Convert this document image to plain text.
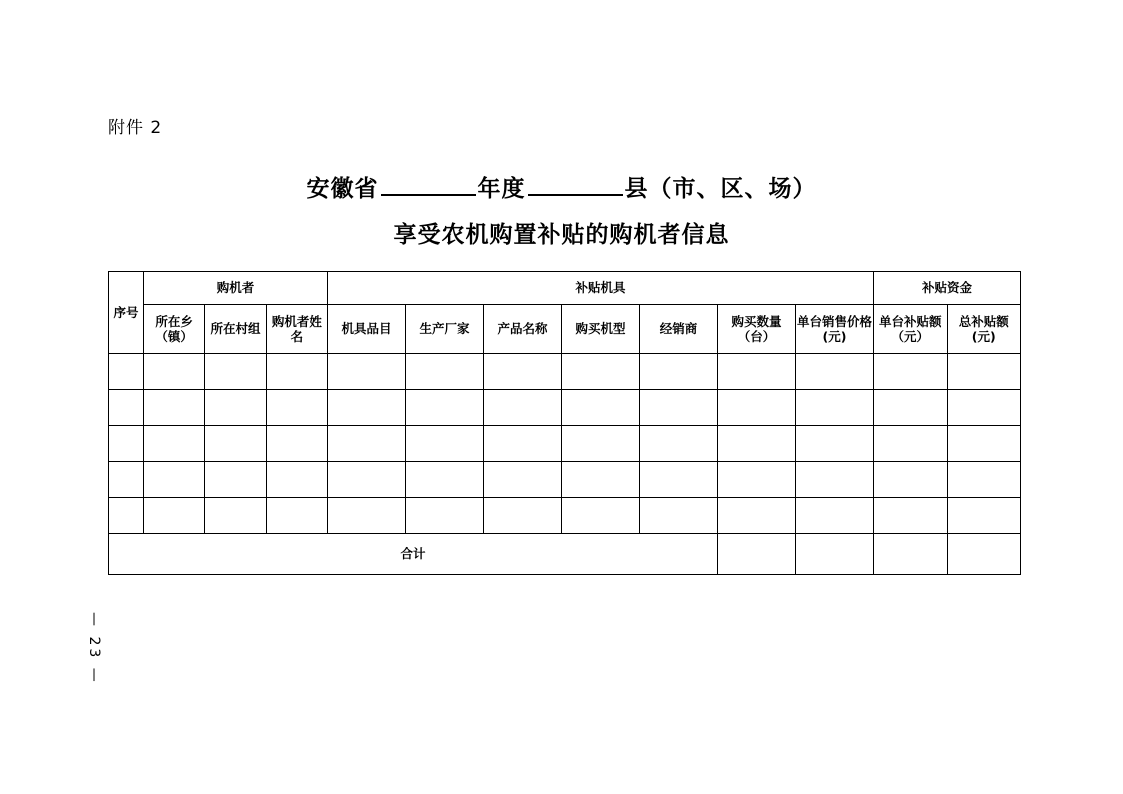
附件 2
安徽省	年度	县（市、区、场）
享受农机购置补贴的购机者信息
序号	购机者			补贴机具							补贴资金	
	所在乡（镇）	所在村组	购机者姓名	机具品目	生产厂家	产品名称	购买机型	经销商	购买数量（台）	单台销售价格(元)	单台补贴额（元）	总补贴额(元)

合计												
— 23 —
